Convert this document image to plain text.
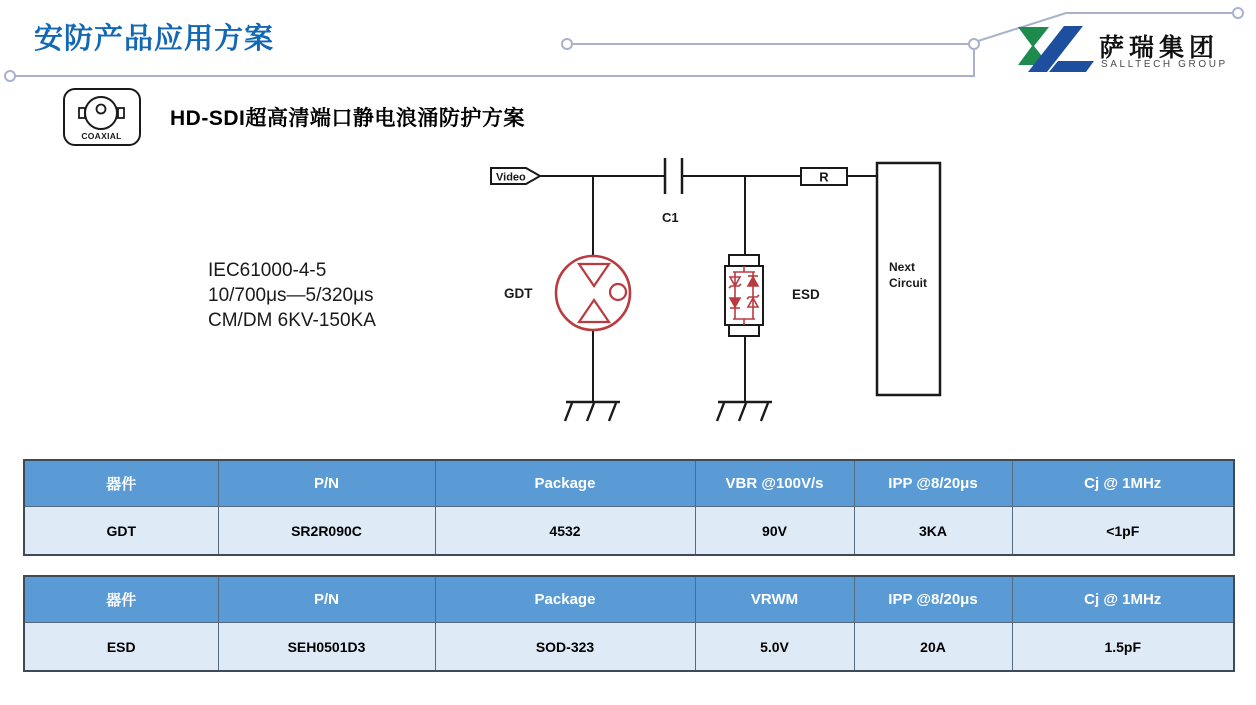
安防产品应用方案	萨瑞集团
SALLTECH GROUP
COAXIAL
HD-SDI超高清端口静电浪涌防护方案
IEC61000-4-5
10/700μs—5/320μs
CM/DM 6KV-150KA
Video
C1
R
GDT	ESD
Next
Circuit
器件	P/N	Package	VBR @100V/s	IPP @8/20μs	Cj @ 1MHz
GDT	SR2R090C	4532	90V	3KA	<1pF
器件	P/N	Package	VRWM	IPP @8/20μs	Cj @ 1MHz
ESD	SEH0501D3	SOD-323	5.0V	20A	1.5pF
